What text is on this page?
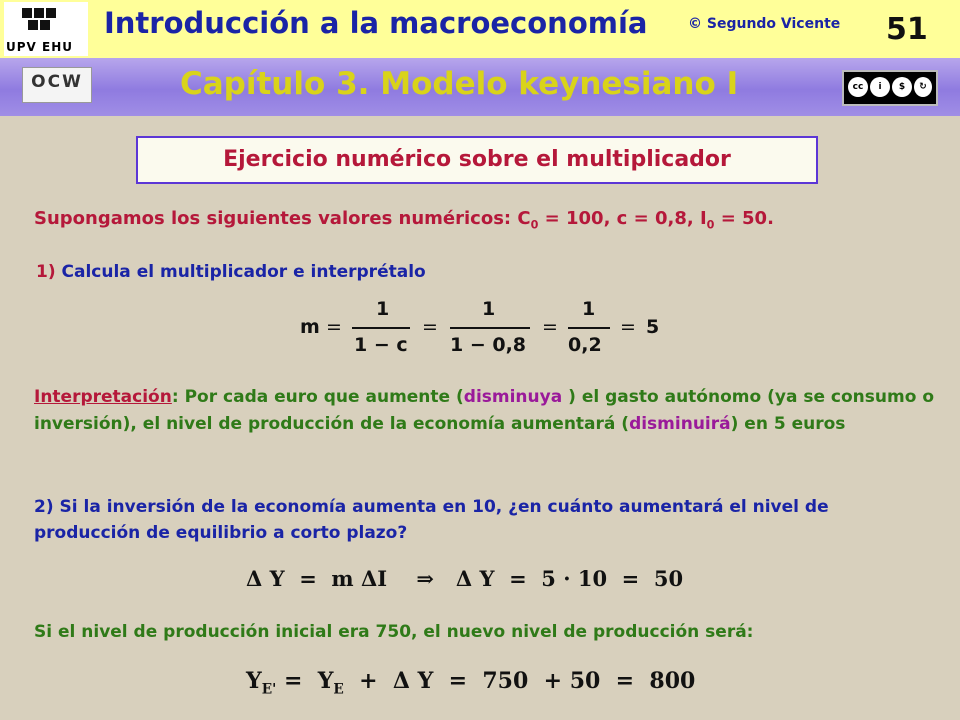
UPV EHU
Introducción a la macroeconomía	© Segundo Vicente 51
OCW	Capítulo 3. Modelo keynesiano I	cc	i	$	↻
Ejercicio numérico sobre el multiplicador
Supongamos los siguientes valores numéricos: $C_0 = 100$, c = 0,8, $I_0 = 50$.
1) Calcula el multiplicador e interprétalo
m =
1
1 − c
=
1
1 − 0,8
=
1
0,2
= 5
Interpretación: Por cada euro que aumente (disminuya ) el gasto autónomo (ya se consumo o inversión), el nivel de producción de la economía aumentará (disminuirá) en 5 euros
2) Si la inversión de la economía aumenta en 10, ¿en cuánto aumentará el nivel de producción de equilibrio a corto plazo?
Δ Y  =  m ΔI    ⇒   Δ Y  =  5 · 10  =  50
Si el nivel de producción inicial era 750, el nuevo nivel de producción será:
$Y_{E'} = Y_E + \Delta$ Y  =  750  + 50  =  800
